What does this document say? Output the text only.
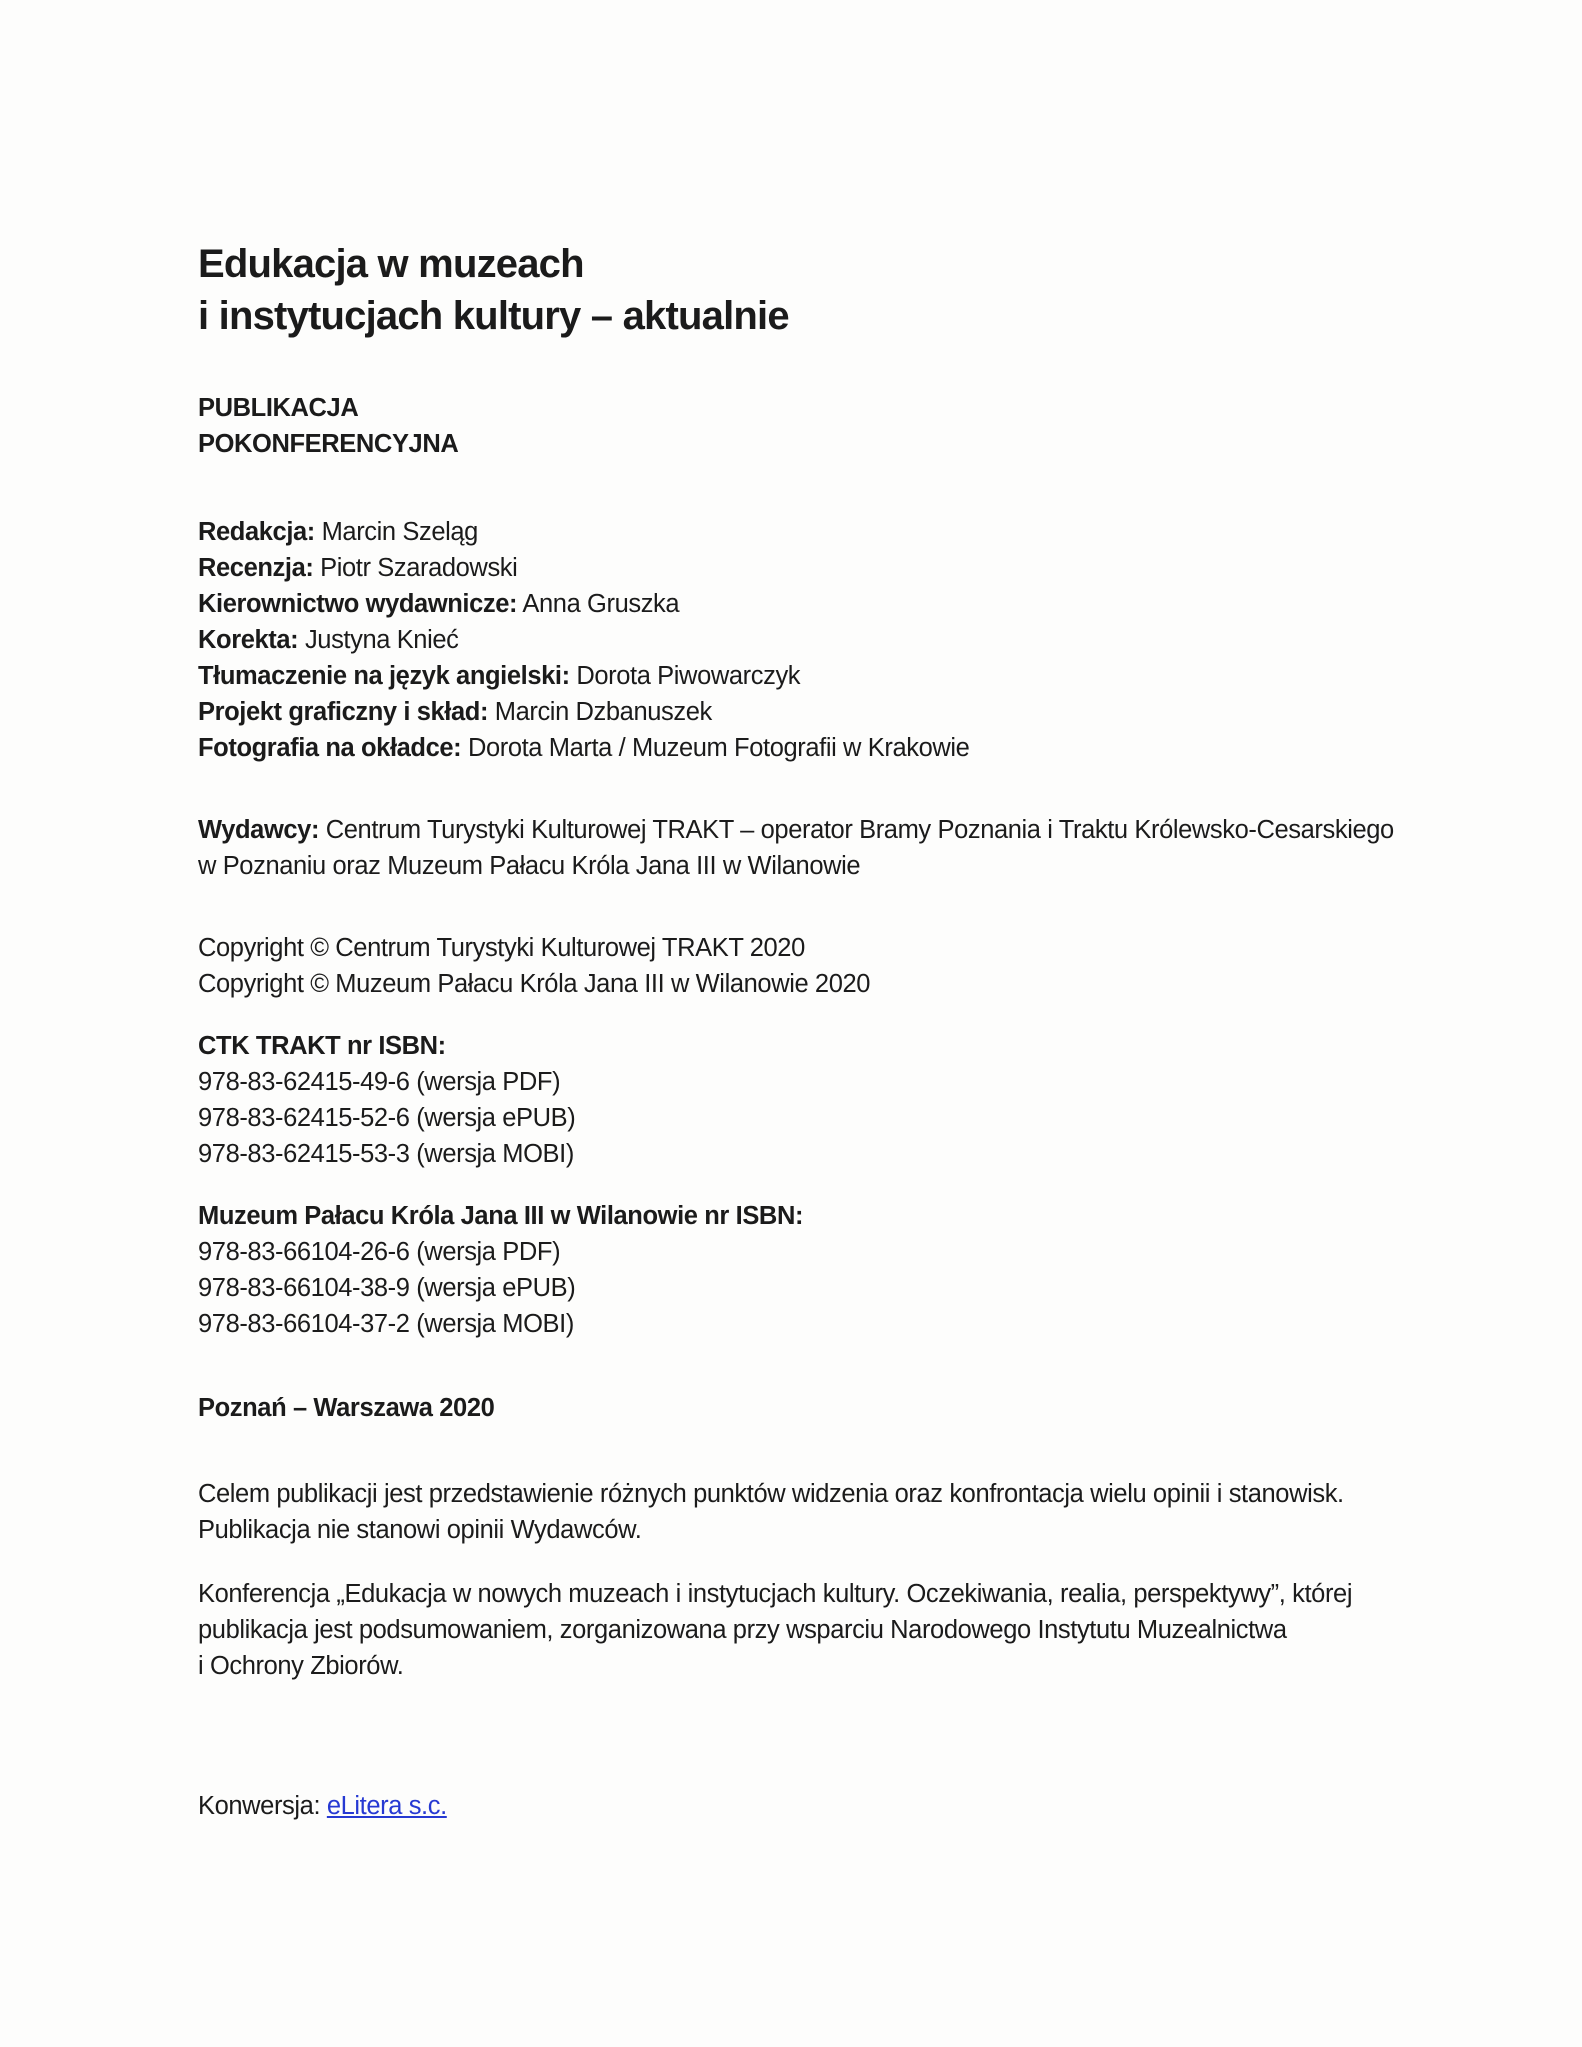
Edukacja w muzeach
i instytucjach kultury – aktualnie
PUBLIKACJA
POKONFERENCYJNA

Redakcja: Marcin Szeląg

Recenzja: Piotr Szaradowski

Kierownictwo wydawnicze: Anna Gruszka

Korekta: Justyna Knieć

Tłumaczenie na język angielski: Dorota Piwowarczyk

Projekt graficzny i skład: Marcin Dzbanuszek

Fotografia na okładce: Dorota Marta / Muzeum Fotografii w Krakowie

Wydawcy: Centrum Turystyki Kulturowej TRAKT – operator Bramy Poznania i Traktu Królewsko-Cesarskiego

w Poznaniu oraz Muzeum Pałacu Króla Jana III w Wilanowie

Copyright © Centrum Turystyki Kulturowej TRAKT 2020

Copyright © Muzeum Pałacu Króla Jana III w Wilanowie 2020

CTK TRAKT nr ISBN:

978-83-62415-49-6 (wersja PDF)

978-83-62415-52-6 (wersja ePUB)

978-83-62415-53-3 (wersja MOBI)

Muzeum Pałacu Króla Jana III w Wilanowie nr ISBN:

978-83-66104-26-6 (wersja PDF)

978-83-66104-38-9 (wersja ePUB)

978-83-66104-37-2 (wersja MOBI)

Poznań – Warszawa 2020

Celem publikacji jest przedstawienie różnych punktów widzenia oraz konfrontacja wielu opinii i stanowisk.

Publikacja nie stanowi opinii Wydawców.

Konferencja „Edukacja w nowych muzeach i instytucjach kultury. Oczekiwania, realia, perspektywy”, której

publikacja jest podsumowaniem, zorganizowana przy wsparciu Narodowego Instytutu Muzealnictwa

i Ochrony Zbiorów.

Konwersja: eLitera s.c.
